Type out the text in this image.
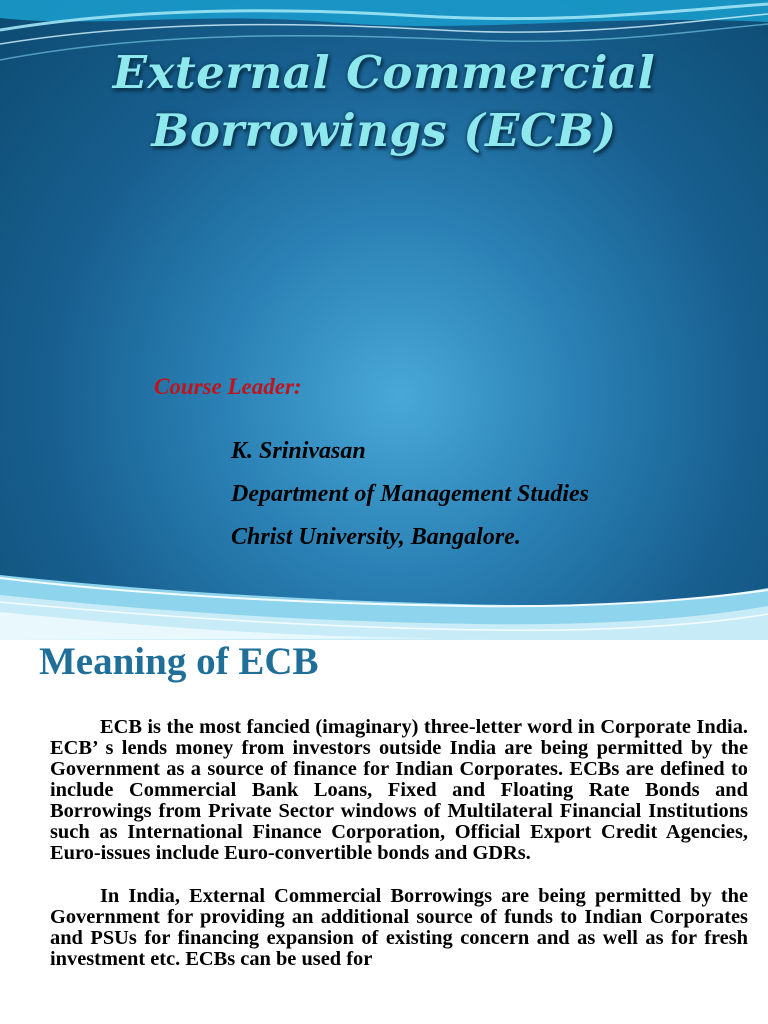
External Commercial
Borrowings (ECB)
Course Leader:
K. Srinivasan
Department of Management Studies
Christ University, Bangalore.
Meaning of ECB

ECB is the most fancied (imaginary) three-letter word in Corporate India. ECB’ s lends money from investors outside India are being permitted by the Government as a source of finance for Indian Corporates. ECBs are defined to include Commercial Bank Loans, Fixed and Floating Rate Bonds and Borrowings from Private Sector windows of Multilateral Financial Institutions such as International Finance Corporation, Official Export Credit Agencies, Euro-issues include Euro-convertible bonds and GDRs.

In India, External Commercial Borrowings are being permitted by the Government for providing an additional source of funds to Indian Corporates and PSUs for financing expansion of existing concern and as well as for fresh investment etc. ECBs can be used for
